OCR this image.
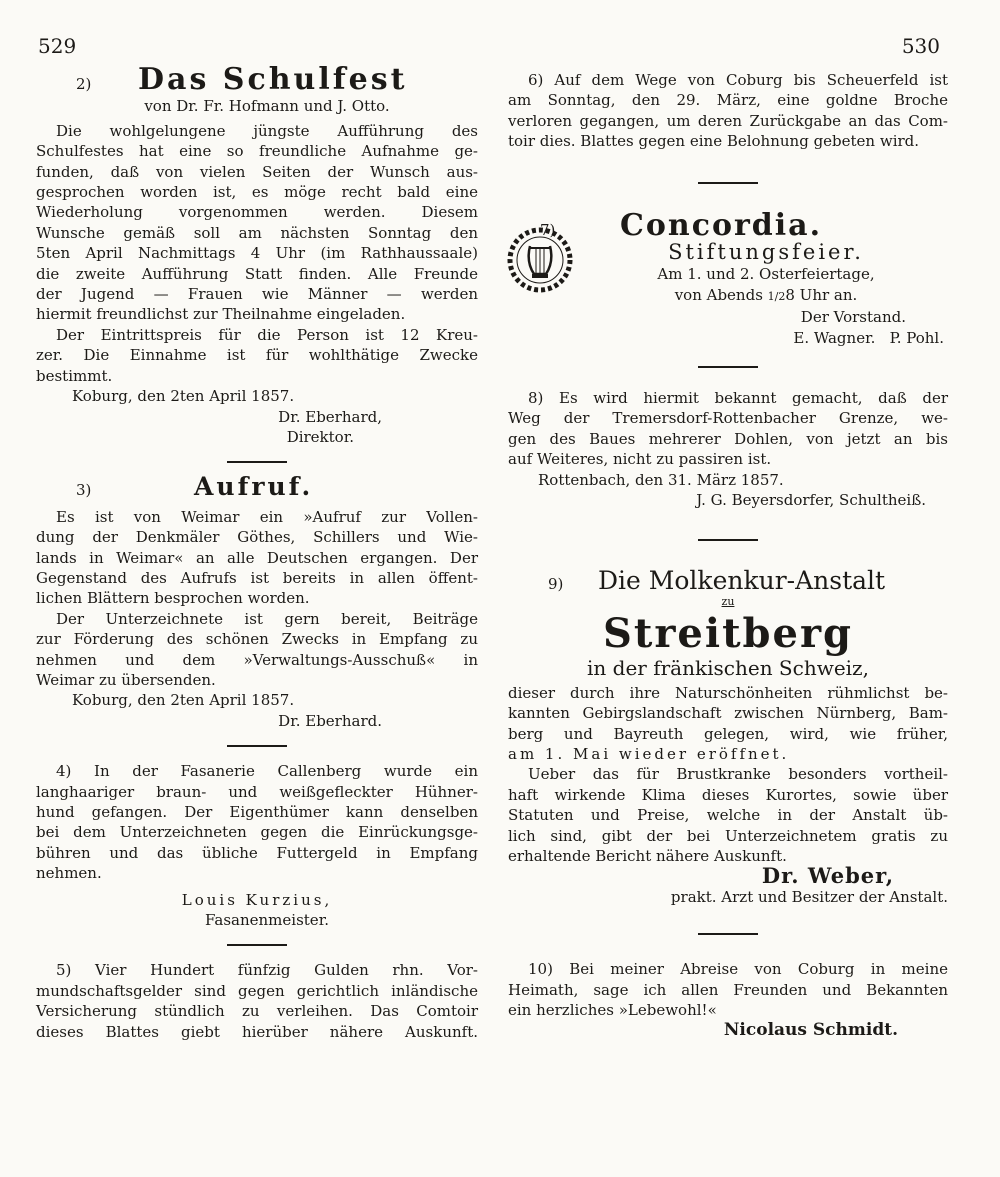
529	530
2)	Das Schulfest

von Dr. Fr. Hofmann und J. Otto.

Die wohlgelungene jüngste Aufführung des

Schulfestes hat eine so freundliche Aufnahme ge-

funden, daß von vielen Seiten der Wunsch aus-

gesprochen worden ist, es möge recht bald eine

Wiederholung vorgenommen werden. Diesem

Wunsche gemäß soll am nächsten Sonntag den

5ten April Nachmittags 4 Uhr (im Rathhaussaale)

die zweite Aufführung Statt finden. Alle Freunde

der Jugend — Frauen wie Männer — werden

hiermit freundlichst zur Theilnahme eingeladen.

Der Eintrittspreis für die Person ist 12 Kreu-

zer. Die Einnahme ist für wohlthätige Zwecke

bestimmt.

Koburg, den 2ten April 1857.

Dr. Eberhard,

Direktor.

3)	Aufruf.

Es ist von Weimar ein »Aufruf zur Vollen-

dung der Denkmäler Göthes, Schillers und Wie-

lands in Weimar« an alle Deutschen ergangen. Der

Gegenstand des Aufrufs ist bereits in allen öffent-

lichen Blättern besprochen worden.

Der Unterzeichnete ist gern bereit, Beiträge

zur Förderung des schönen Zwecks in Empfang zu

nehmen und dem »Verwaltungs-Ausschuß« in

Weimar zu übersenden.

Koburg, den 2ten April 1857.

Dr. Eberhard.

4) In der Fasanerie Callenberg wurde ein

langhaariger braun- und weißgefleckter Hühner-

hund gefangen. Der Eigenthümer kann denselben

bei dem Unterzeichneten gegen die Einrückungsge-

bühren und das übliche Futtergeld in Empfang

nehmen.

Louis Kurzius,

Fasanenmeister.

5) Vier Hundert fünfzig Gulden rhn. Vor-

mundschaftsgelder sind gegen gerichtlich inländische

Versicherung stündlich zu verleihen. Das Comtoir

dieses Blattes giebt hierüber nähere Auskunft.

6) Auf dem Wege von Coburg bis Scheuerfeld ist

am Sonntag, den 29. März, eine goldne Broche

verloren gegangen, um deren Zurückgabe an das Com-

toir dies. Blattes gegen eine Belohnung gebeten wird.

7)	Concordia.
Stiftungsfeier.

Am 1. und 2. Osterfeiertage,

von Abends 1/28 Uhr an.

Der Vorstand.

E. Wagner.   P. Pohl.

8) Es wird hiermit bekannt gemacht, daß der

Weg der Tremersdorf-Rottenbacher Grenze, we-

gen des Baues mehrerer Dohlen, von jetzt an bis

auf Weiteres, nicht zu passiren ist.

Rottenbach, den 31. März 1857.

J. G. Beyersdorfer, Schultheiß.

9)	Die Molkenkur-Anstalt
zu
Streitberg
in der fränkischen Schweiz,

dieser durch ihre Naturschönheiten rühmlichst be-

kannten Gebirgslandschaft zwischen Nürnberg, Bam-

berg und Bayreuth gelegen, wird, wie früher,

am 1. Mai wieder eröffnet.

Ueber das für Brustkranke besonders vortheil-

haft wirkende Klima dieses Kurortes, sowie über

Statuten und Preise, welche in der Anstalt üb-

lich sind, gibt der bei Unterzeichnetem gratis zu

erhaltende Bericht nähere Auskunft.

Dr. Weber,

prakt. Arzt und Besitzer der Anstalt.

10) Bei meiner Abreise von Coburg in meine

Heimath, sage ich allen Freunden und Bekannten

ein herzliches »Lebewohl!«

Nicolaus Schmidt.
